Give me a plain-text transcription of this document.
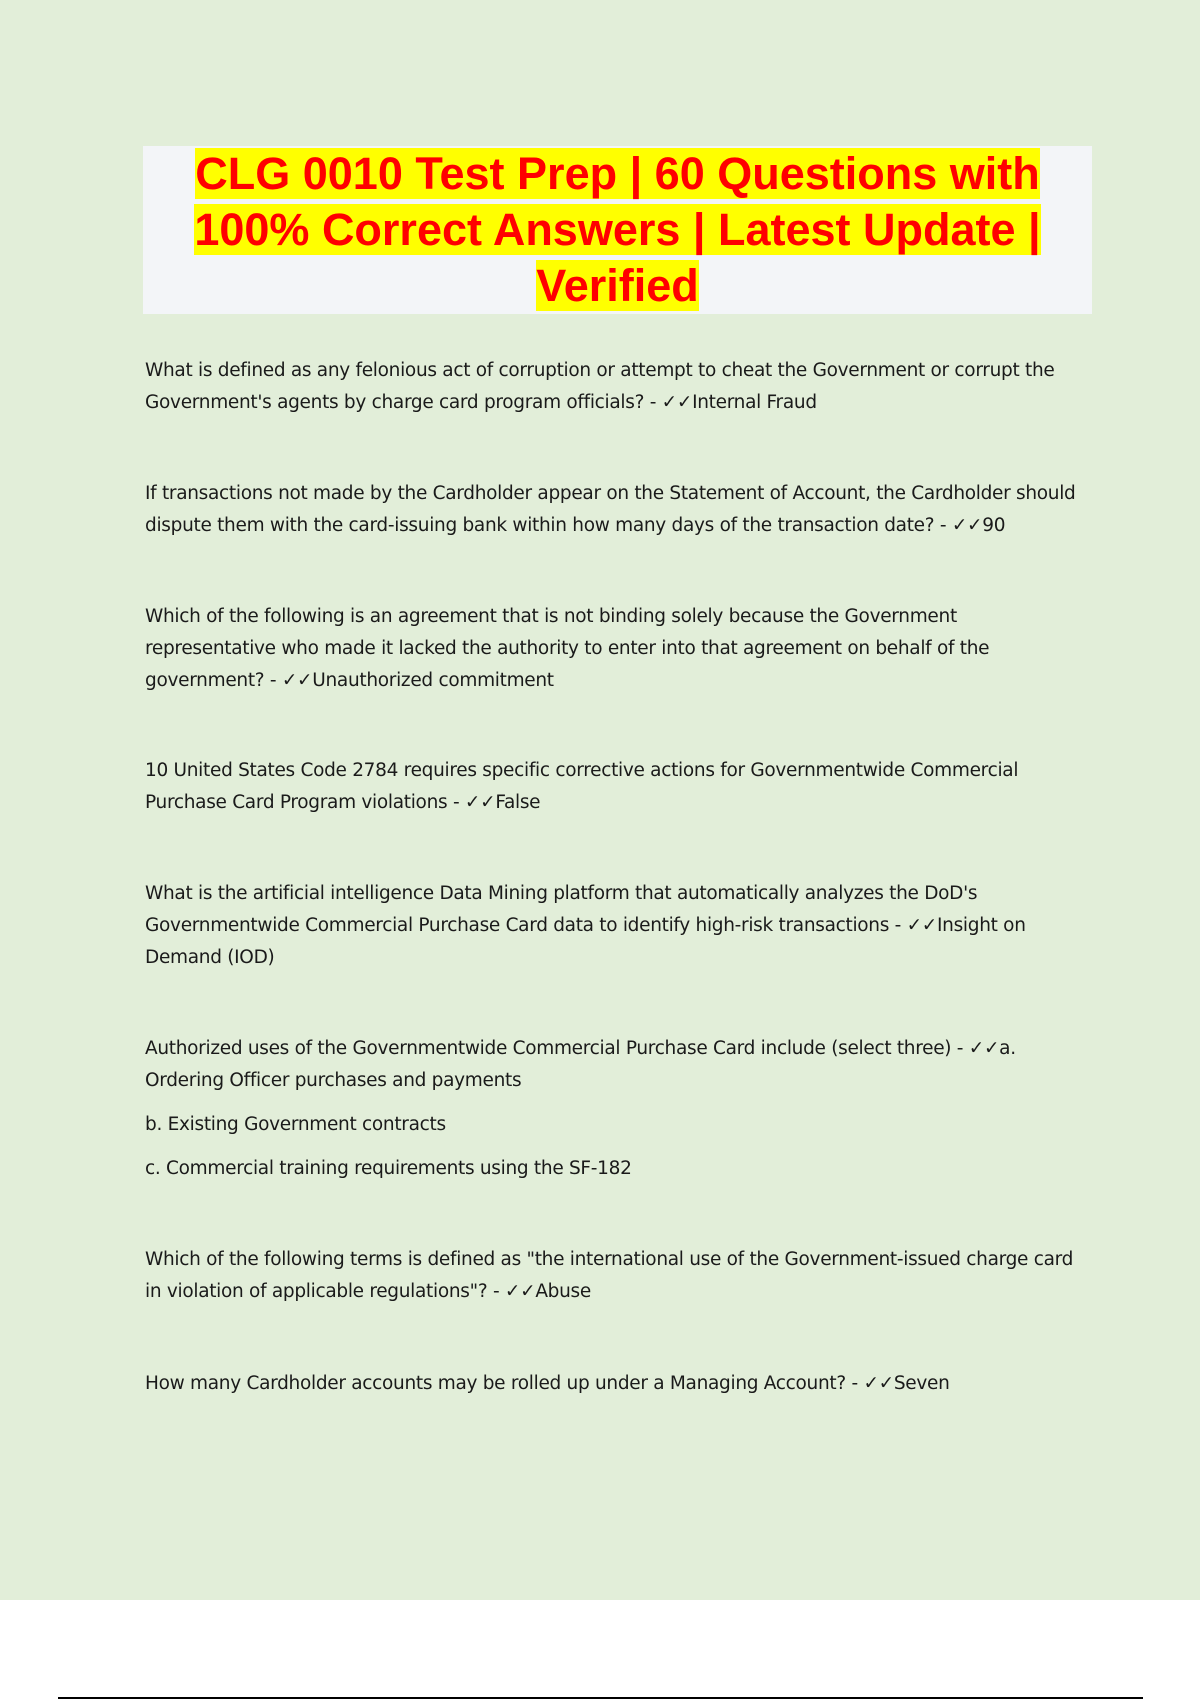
CLG 0010 Test Prep | 60 Questions with 100% Correct Answers | Latest Update | Verified

What is defined as any felonious act of corruption or attempt to cheat the Government or corrupt the Government's agents by charge card program officials? - ✓✓Internal Fraud

If transactions not made by the Cardholder appear on the Statement of Account, the Cardholder should dispute them with the card-issuing bank within how many days of the transaction date? - ✓✓90

Which of the following is an agreement that is not binding solely because the Government representative who made it lacked the authority to enter into that agreement on behalf of the government? - ✓✓Unauthorized commitment

10 United States Code 2784 requires specific corrective actions for Governmentwide Commercial Purchase Card Program violations - ✓✓False

What is the artificial intelligence Data Mining platform that automatically analyzes the DoD's Governmentwide Commercial Purchase Card data to identify high-risk transactions - ✓✓Insight on Demand (IOD)

Authorized uses of the Governmentwide Commercial Purchase Card include (select three) - ✓✓a. Ordering Officer purchases and payments

b. Existing Government contracts

c. Commercial training requirements using the SF-182

Which of the following terms is defined as "the international use of the Government-issued charge card in violation of applicable regulations"? - ✓✓Abuse

How many Cardholder accounts may be rolled up under a Managing Account? - ✓✓Seven
